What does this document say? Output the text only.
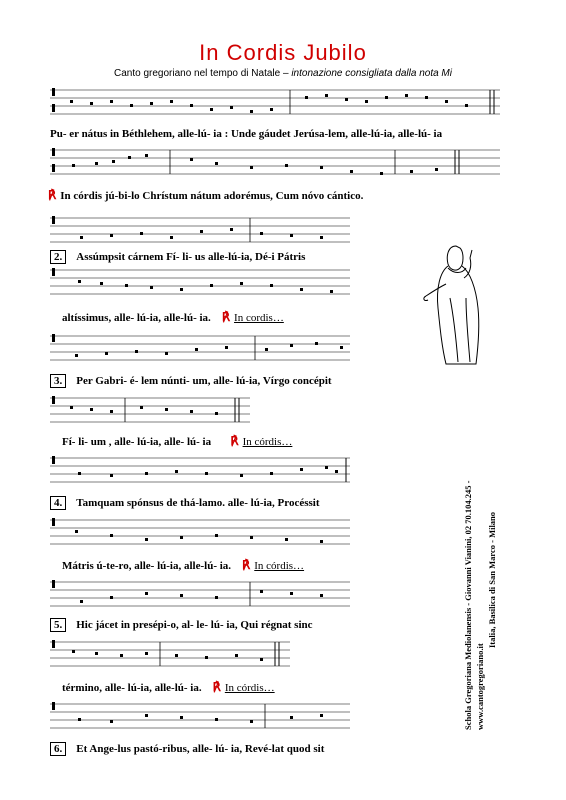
In Cordis Jubilo
Canto gregoriano nel tempo di Natale – intonazione consigliata dalla nota Mi
Pu- er nátus in Béthlehem, alle-lú- ia : Unde gáudet Jerúsa-lem, alle-lú-ia, alle-lú- ia
℟ In córdis jú-bi-lo Chrístum nátum adorémus, Cum nóvo cántico.
2. Assúmpsit cárnem Fí- li- us alle-lú-ia, Dé-i Pátris
altíssimus, alle- lú-ia, alle-lú- ia. ℟ In cordis…
3. Per Gabri- é- lem núnti- um, alle- lú-ia, Vírgo concépit
Fí- li- um , alle- lú-ia, alle- lú- ia ℟ In córdis…
4. Tamquam spónsus de thá-lamo. alle- lú-ia, Procéssit
Mátris ú-te-ro, alle- lú-ia, alle-lú- ia. ℟ In córdis…
5. Hic jácet in presépi-o, al- le- lú- ia, Qui régnat sinc
término, alle- lú-ia, alle-lú- ia. ℟ In córdis…
6. Et Ange-lus pastó-ribus, alle- lú- ia, Revé-lat quod sit
Schola Gregoriana Mediolanensis - Giovanni Vianini, 02 70.104.245 - www.cantogregoriano.it
Italia, Basilica di San Marco - Milano
